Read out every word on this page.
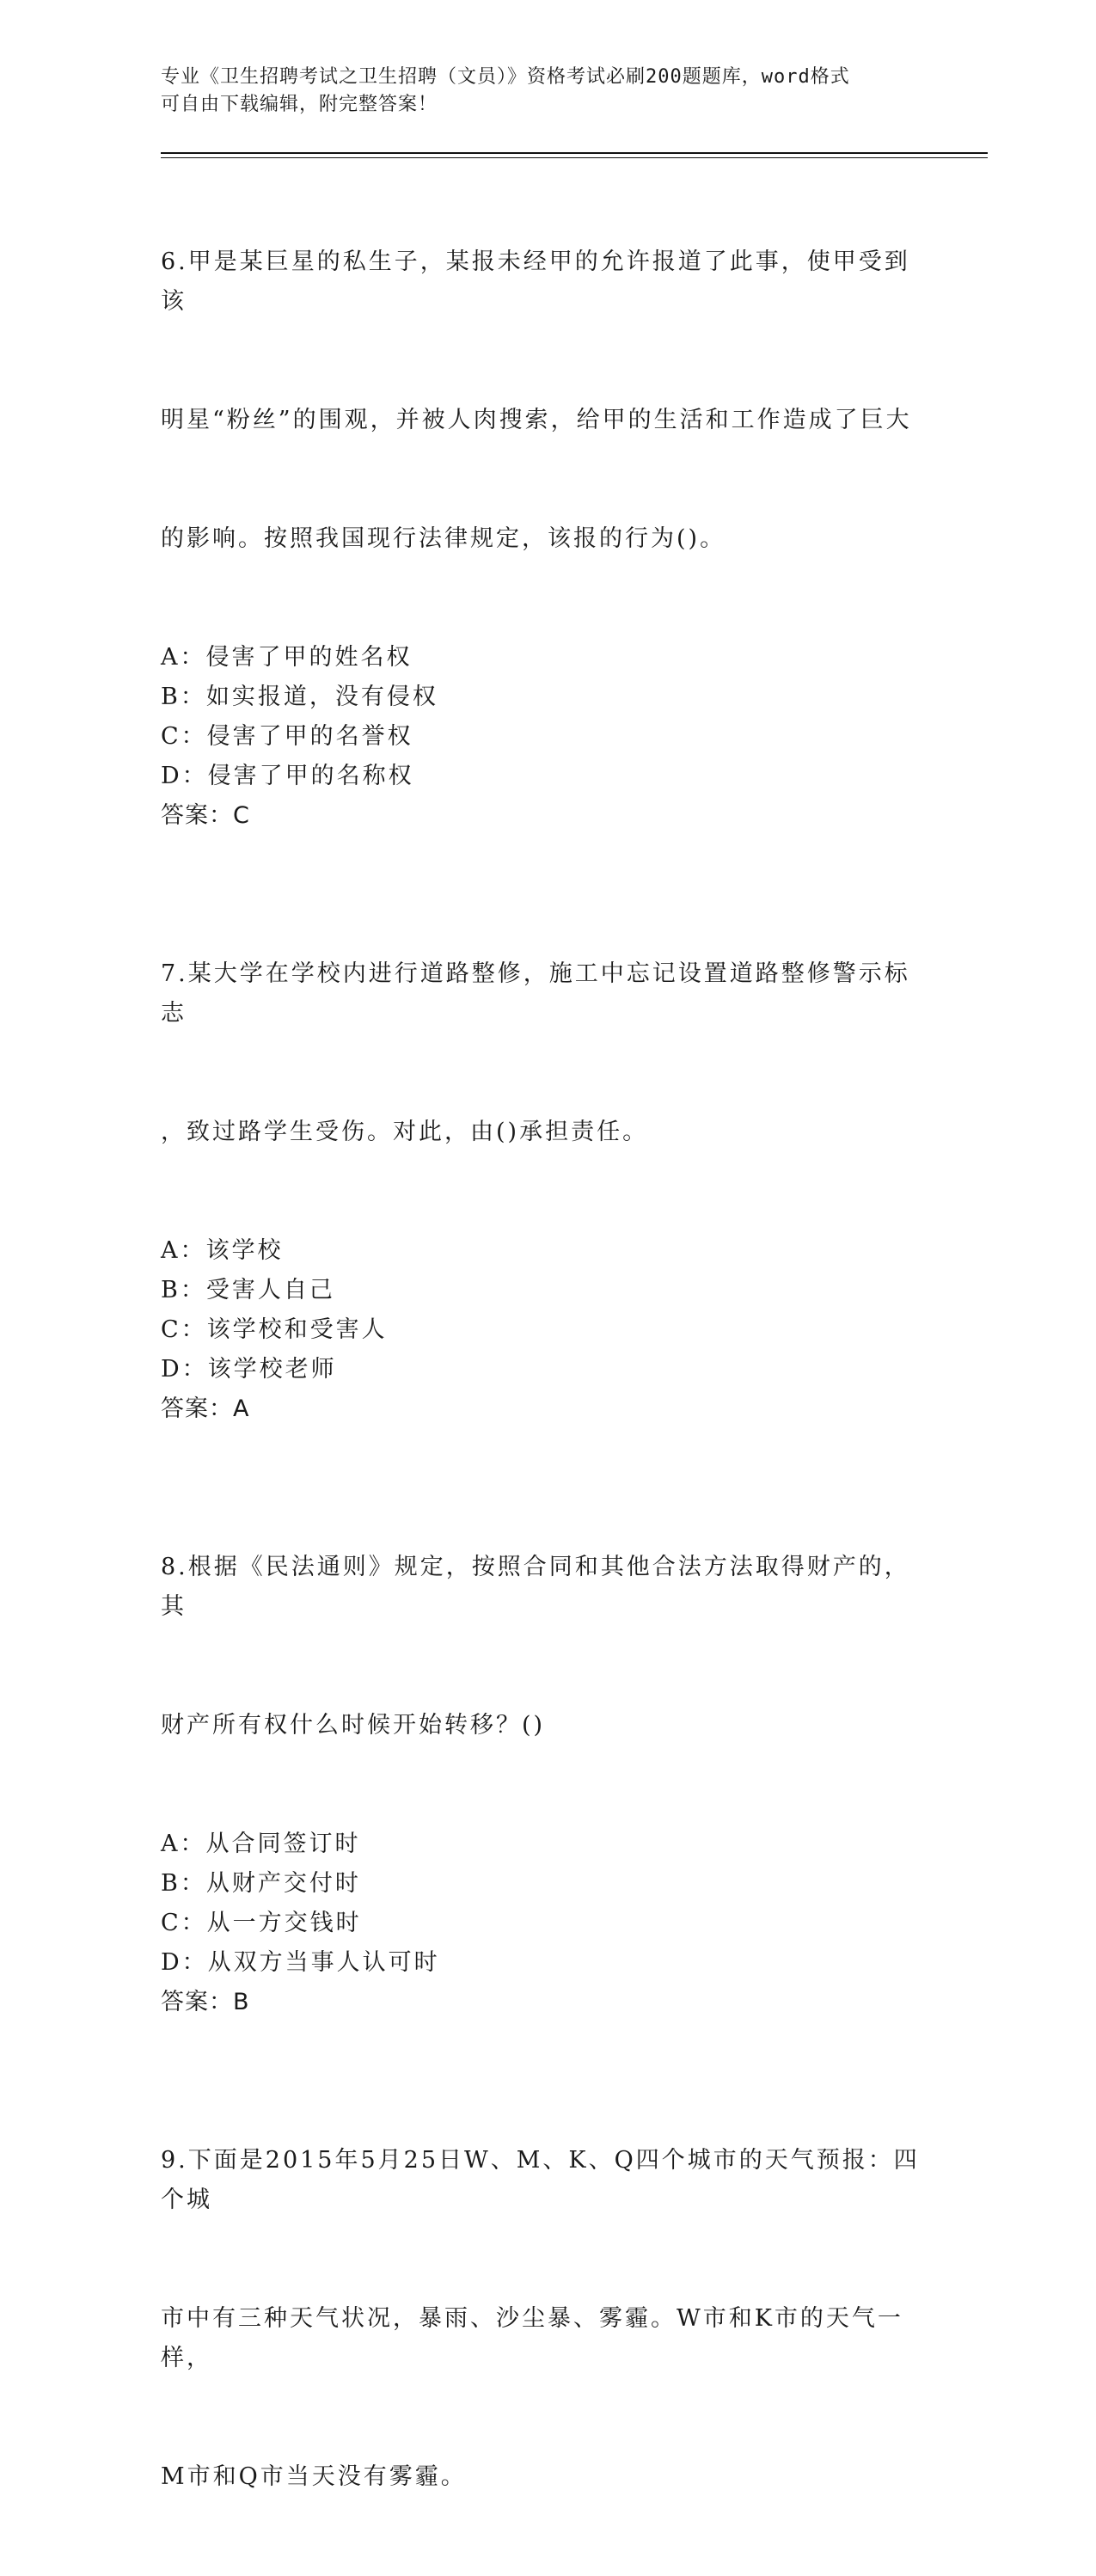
专业《卫生招聘考试之卫生招聘（文员）》资格考试必刷200题题库，word格式
可自由下载编辑，附完整答案！

6.甲是某巨星的私生子，某报未经甲的允许报道了此事，使甲受到该

明星“粉丝”的围观，并被人肉搜索，给甲的生活和工作造成了巨大

的影响。按照我国现行法律规定，该报的行为()。

A：侵害了甲的姓名权
B：如实报道，没有侵权
C：侵害了甲的名誉权
D：侵害了甲的名称权
答案：C

7.某大学在学校内进行道路整修，施工中忘记设置道路整修警示标志

，致过路学生受伤。对此，由()承担责任。

A：该学校
B：受害人自己
C：该学校和受害人
D：该学校老师
答案：A

8.根据《民法通则》规定，按照合同和其他合法方法取得财产的，其

财产所有权什么时候开始转移？()

A：从合同签订时
B：从财产交付时
C：从一方交钱时
D：从双方当事人认可时
答案：B

9.下面是2015年5月25日W、M、K、Q四个城市的天气预报：四个城

市中有三种天气状况，暴雨、沙尘暴、雾霾。W市和K市的天气一样，

M市和Q市当天没有雾霾。
